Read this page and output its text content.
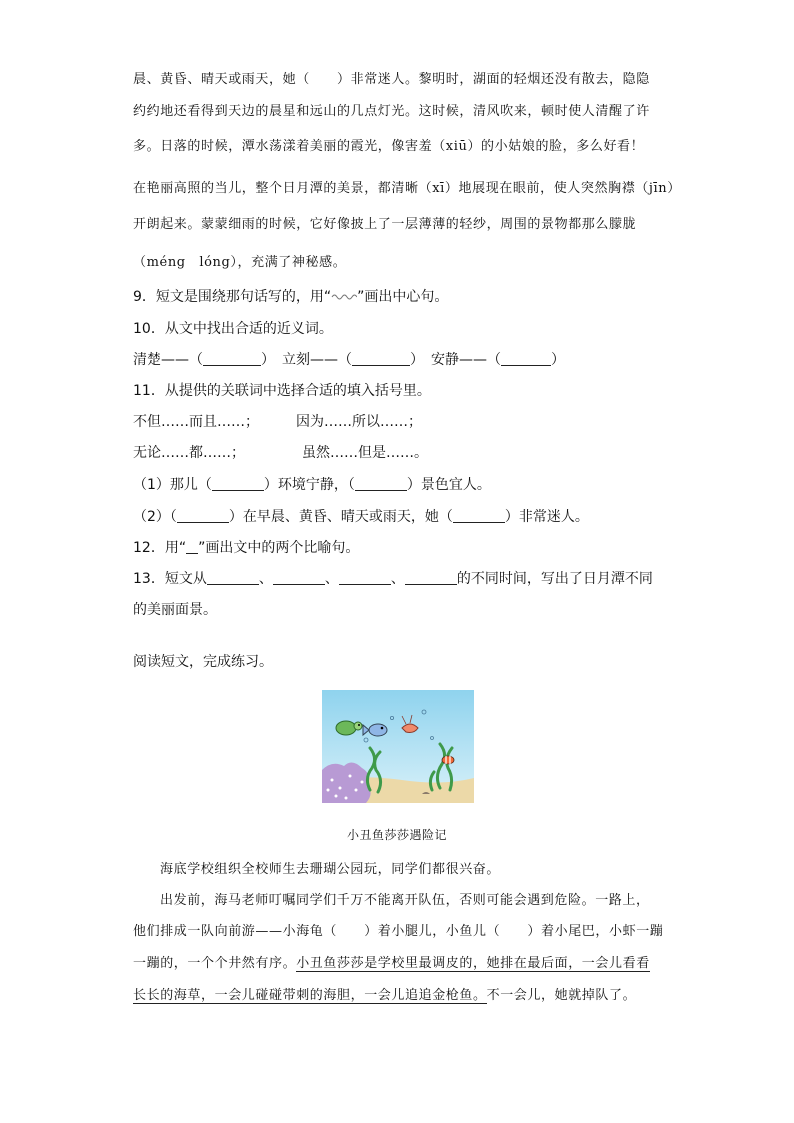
晨、黄昏、晴天或雨天，她（　　）非常迷人。黎明时，湖面的轻烟还没有散去，隐隐
约约地还看得到天边的晨星和远山的几点灯光。这时候，清风吹来，顿时使人清醒了许
多。日落的时候，潭水荡漾着美丽的霞光，像害羞（xiū）的小姑娘的脸，多么好看！
在艳丽高照的当儿，整个日月潭的美景，都清晰（xī）地展现在眼前，使人突然胸襟（jīn）
开朗起来。蒙蒙细雨的时候，它好像披上了一层薄薄的轻纱，周围的景物都那么朦胧
（méng　lóng），充满了神秘感。
9．短文是围绕那句话写的，用“ ”画出中心句。
10．从文中找出合适的近义词。
清楚——（	）　立刻——（	）　安静——（	）
11．从提供的关联词中选择合适的填入括号里。
不但……而且……；	因为……所以……；
无论……都……；	虽然……但是……。
（1）那儿（	）环境宁静，（	）景色宜人。
（2）（	）在早晨、黄昏、晴天或雨天，她（	）非常迷人。
12．用“ ”画出文中的两个比喻句。
13．短文从	、	、	、	的不同时间，写出了日月潭不同
的美丽面景。
阅读短文，完成练习。
小丑鱼莎莎遇险记
海底学校组织全校师生去珊瑚公园玩，同学们都很兴奋。
出发前，海马老师叮嘱同学们千万不能离开队伍，否则可能会遇到危险。一路上，
他们排成一队向前游——小海龟（　　）着小腿儿，小鱼儿（　　）着小尾巴，小虾一蹦
一蹦的，一个个井然有序。小丑鱼莎莎是学校里最调皮的，她排在最后面，一会儿看看
长长的海草，一会儿碰碰带刺的海胆，一会儿追追金枪鱼。不一会儿，她就掉队了。
